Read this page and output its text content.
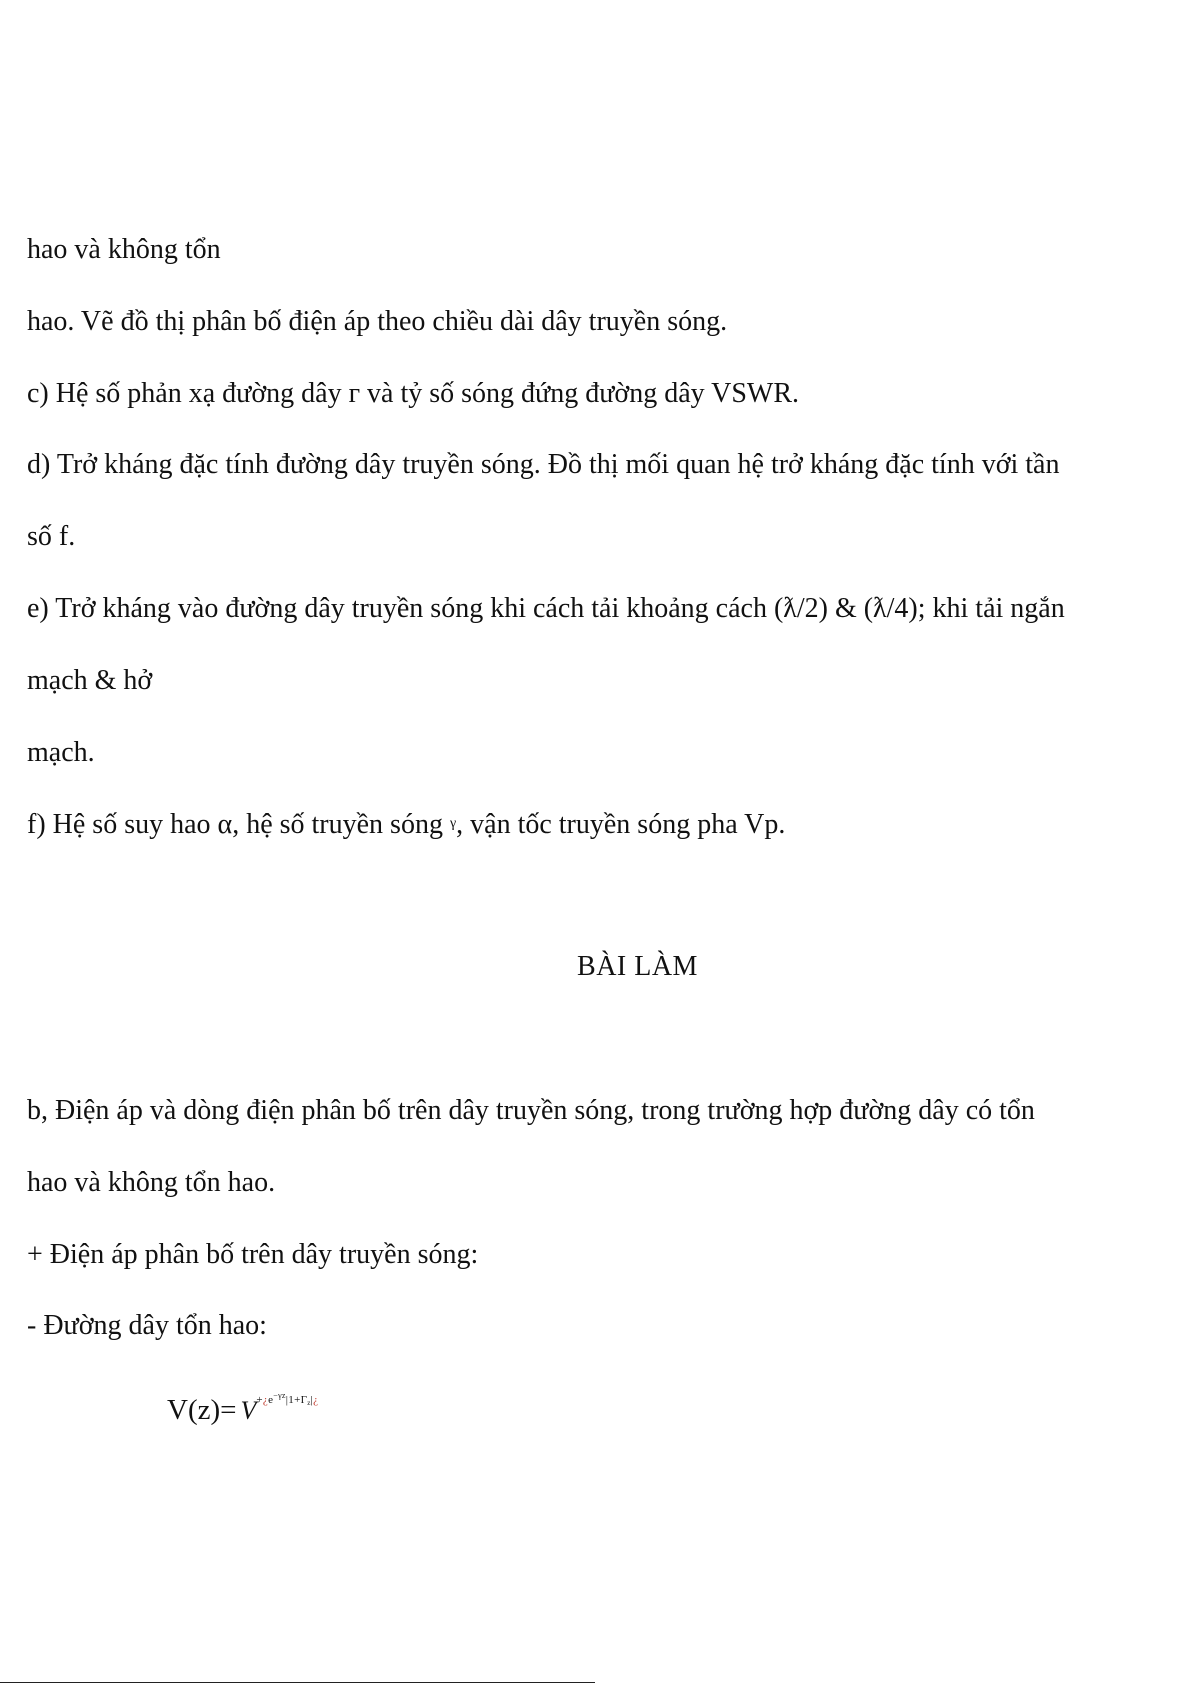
hao và không tổn

hao. Vẽ đồ thị phân bố điện áp theo chiều dài dây truyền sóng.

c) Hệ số phản xạ đường dây г và tỷ số sóng đứng đường dây VSWR.

d) Trở kháng đặc tính đường dây truyền sóng. Đồ thị mối quan hệ trở kháng đặc tính với tần

số f.

e) Trở kháng vào đường dây truyền sóng khi cách tải khoảng cách (ƛ/2) & (ƛ/4); khi tải ngắn

mạch & hở

mạch.

f) Hệ số suy hao α, hệ số truyền sóng $^\gamma$, vận tốc truyền sóng pha Vp.

BÀI LÀM

b, Điện áp và dòng điện phân bố trên dây truyền sóng, trong trường hợp đường dây có tổn

hao và không tổn hao.

+ Điện áp phân bố trên dây truyền sóng:

- Đường dây tổn hao:

$V(z)= V^{+¿e^{-\gamma z}|1+\Gamma z|¿}$
